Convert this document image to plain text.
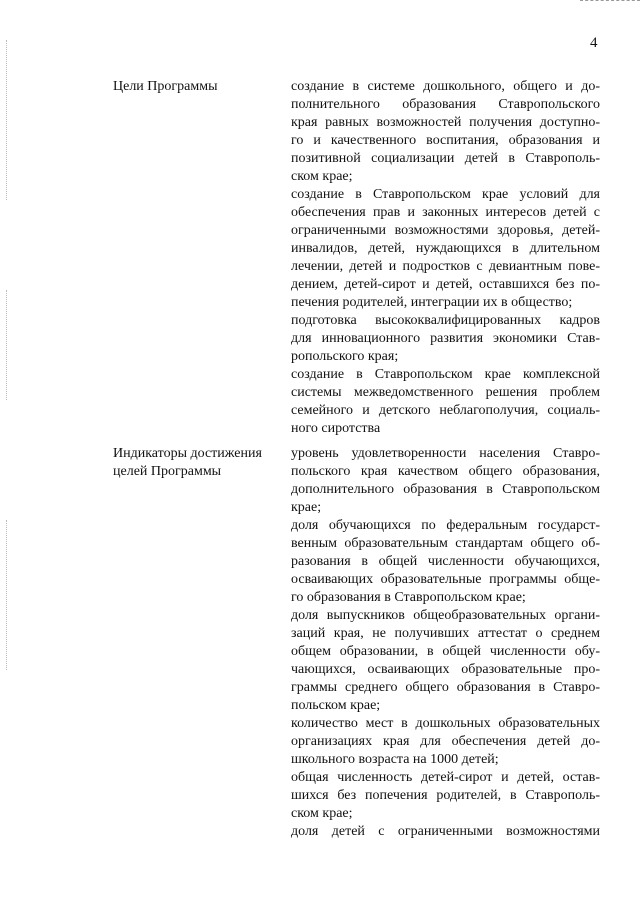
4
Цели Программы	создание в системе дошкольного, общего и до-
полнительного образования Ставропольского
края равных возможностей получения доступно-
го и качественного воспитания, образования и
позитивной социализации детей в Ставрополь-
ском крае;

создание в Ставропольском крае условий для
обеспечения прав и законных интересов детей с
ограниченными возможностями здоровья, детей-
инвалидов, детей, нуждающихся в длительном
лечении, детей и подростков с девиантным пове-
дением, детей-сирот и детей, оставшихся без по-
печения родителей, интеграции их в общество;

подготовка высококвалифицированных кадров
для инновационного развития экономики Став-
ропольского края;

создание в Ставропольском крае комплексной
системы межведомственного решения проблем
семейного и детского неблагополучия, социаль-
ного сиротства

Индикаторы достижения
целей Программы

уровень удовлетворенности населения Ставро-
польского края качеством общего образования,
дополнительного образования в Ставропольском
крае;

доля обучающихся по федеральным государст-
венным образовательным стандартам общего об-
разования в общей численности обучающихся,
осваивающих образовательные программы обще-
го образования в Ставропольском крае;

доля выпускников общеобразовательных органи-
заций края, не получивших аттестат о среднем
общем образовании, в общей численности обу-
чающихся, осваивающих образовательные про-
граммы среднего общего образования в Ставро-
польском крае;

количество мест в дошкольных образовательных
организациях края для обеспечения детей до-
школьного возраста на 1000 детей;

общая численность детей-сирот и детей, остав-
шихся без попечения родителей, в Ставрополь-
ском крае;

доля детей с ограниченными возможностями
